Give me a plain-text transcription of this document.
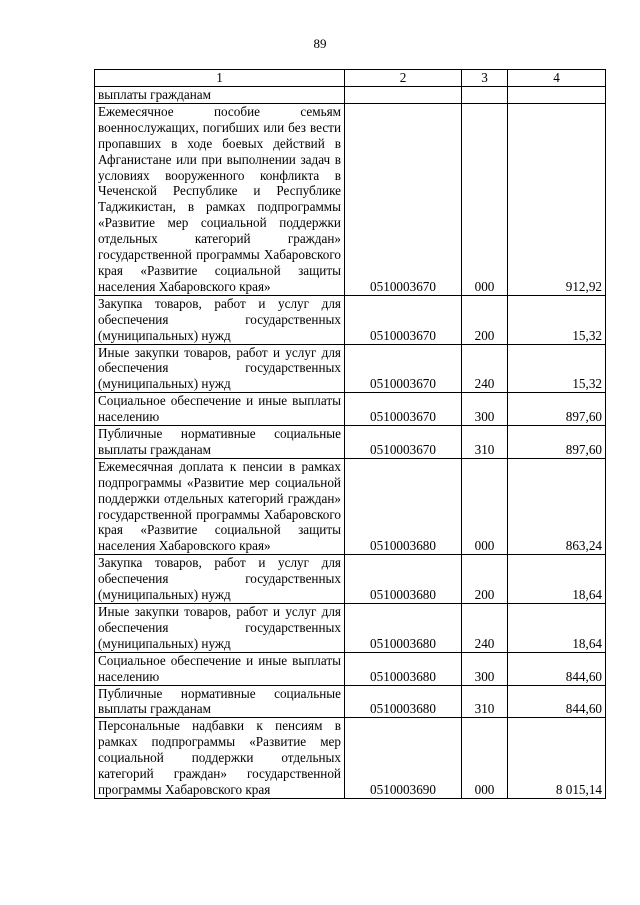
89
1	2	3	4
выплаты гражданам			
Ежемесячное пособие семьям военнослужащих, погибших или без вести пропавших в ходе боевых действий в Афганистане или при выполнении задач в условиях вооруженного конфликта в Чеченской Республике и Республике Таджикистан, в рамках подпрограммы «Развитие мер социальной поддержки отдельных категорий граждан» государственной программы Хабаровского края «Развитие социальной защиты населения Хабаровского края»	0510003670	000	912,92
Закупка товаров, работ и услуг для обеспечения государственных (муниципальных) нужд	0510003670	200	15,32
Иные закупки товаров, работ и услуг для обеспечения государственных (муниципальных) нужд	0510003670	240	15,32
Социальное обеспечение и иные выплаты населению	0510003670	300	897,60
Публичные нормативные социальные выплаты гражданам	0510003670	310	897,60
Ежемесячная доплата к пенсии в рамках подпрограммы «Развитие мер социальной поддержки отдельных категорий граждан» государственной программы Хабаровского края «Развитие социальной защиты населения Хабаровского края»	0510003680	000	863,24
Закупка товаров, работ и услуг для обеспечения государственных (муниципальных) нужд	0510003680	200	18,64
Иные закупки товаров, работ и услуг для обеспечения государственных (муниципальных) нужд	0510003680	240	18,64
Социальное обеспечение и иные выплаты населению	0510003680	300	844,60
Публичные нормативные социальные выплаты гражданам	0510003680	310	844,60
Персональные надбавки к пенсиям в рамках подпрограммы «Развитие мер социальной поддержки отдельных категорий граждан» государственной программы Хабаровского края	0510003690	000	8 015,14
